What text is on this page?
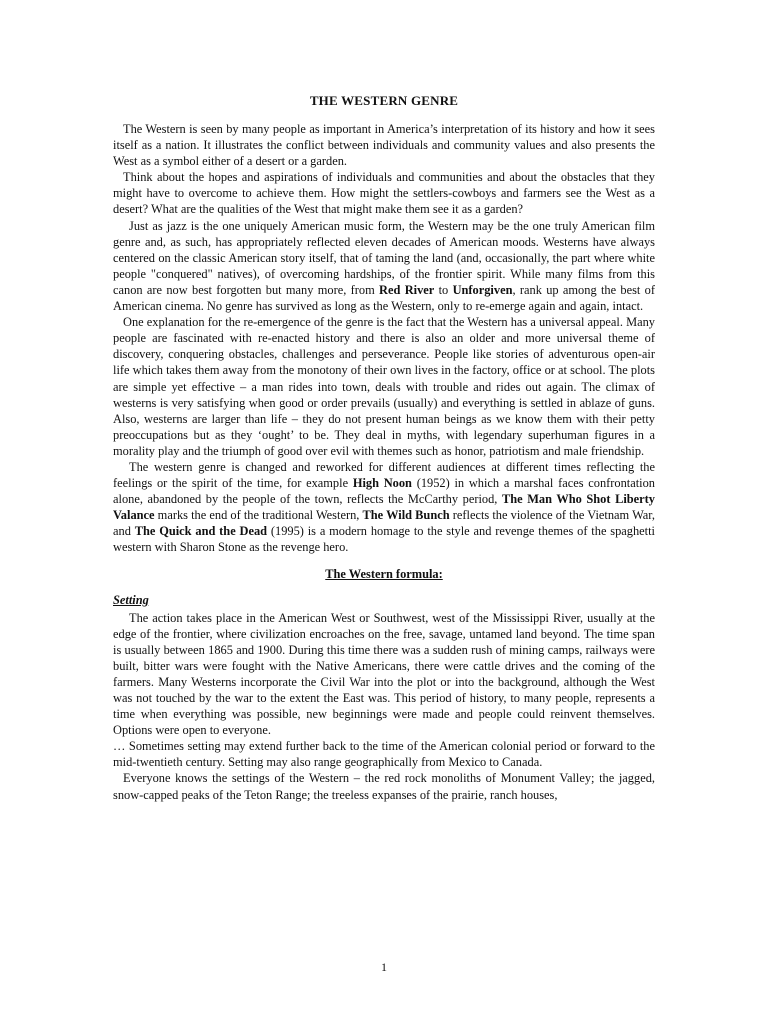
THE WESTERN GENRE

The Western is seen by many people as important in America’s interpretation of its history and how it sees itself as a nation. It illustrates the conflict between individuals and community values and also presents the West as a symbol either of a desert or a garden.

Think about the hopes and aspirations of individuals and communities and about the obstacles that they might have to overcome to achieve them. How might the settlers-cowboys and farmers see the West as a desert? What are the qualities of the West that might make them see it as a garden?

Just as jazz is the one uniquely American music form, the Western may be the one truly American film genre and, as such, has appropriately reflected eleven decades of American moods. Westerns have always centered on the classic American story itself, that of taming the land (and, occasionally, the part where white people "conquered" natives), of overcoming hardships, of the frontier spirit. While many films from this canon are now best forgotten but many more, from Red River to Unforgiven, rank up among the best of American cinema. No genre has survived as long as the Western, only to re-emerge again and again, intact.

One explanation for the re-emergence of the genre is the fact that the Western has a universal appeal. Many people are fascinated with re-enacted history and there is also an older and more universal theme of discovery, conquering obstacles, challenges and perseverance. People like stories of adventurous open-air life which takes them away from the monotony of their own lives in the factory, office or at school. The plots are simple yet effective – a man rides into town, deals with trouble and rides out again. The climax of westerns is very satisfying when good or order prevails (usually) and everything is settled in ablaze of guns. Also, westerns are larger than life – they do not present human beings as we know them with their petty preoccupations but as they ‘ought’ to be. They deal in myths, with legendary superhuman figures in a morality play and the triumph of good over evil with themes such as honor, patriotism and male friendship.

The western genre is changed and reworked for different audiences at different times reflecting the feelings or the spirit of the time, for example High Noon (1952) in which a marshal faces confrontation alone, abandoned by the people of the town, reflects the McCarthy period, The Man Who Shot Liberty Valance marks the end of the traditional Western, The Wild Bunch reflects the violence of the Vietnam War, and The Quick and the Dead (1995) is a modern homage to the style and revenge themes of the spaghetti western with Sharon Stone as the revenge hero.

The Western formula:
Setting

The action takes place in the American West or Southwest, west of the Mississippi River, usually at the edge of the frontier, where civilization encroaches on the free, savage, untamed land beyond. The time span is usually between 1865 and 1900. During this time there was a sudden rush of mining camps, railways were built, bitter wars were fought with the Native Americans, there were cattle drives and the coming of the farmers. Many Westerns incorporate the Civil War into the plot or into the background, although the West was not touched by the war to the extent the East was. This period of history, to many people, represents a time when everything was possible, new beginnings were made and people could reinvent themselves. Options were open to everyone.

… Sometimes setting may extend further back to the time of the American colonial period or forward to the mid-twentieth century. Setting may also range geographically from Mexico to Canada.

Everyone knows the settings of the Western – the red rock monoliths of Monument Valley; the jagged, snow-capped peaks of the Teton Range; the treeless expanses of the prairie, ranch houses,

1
